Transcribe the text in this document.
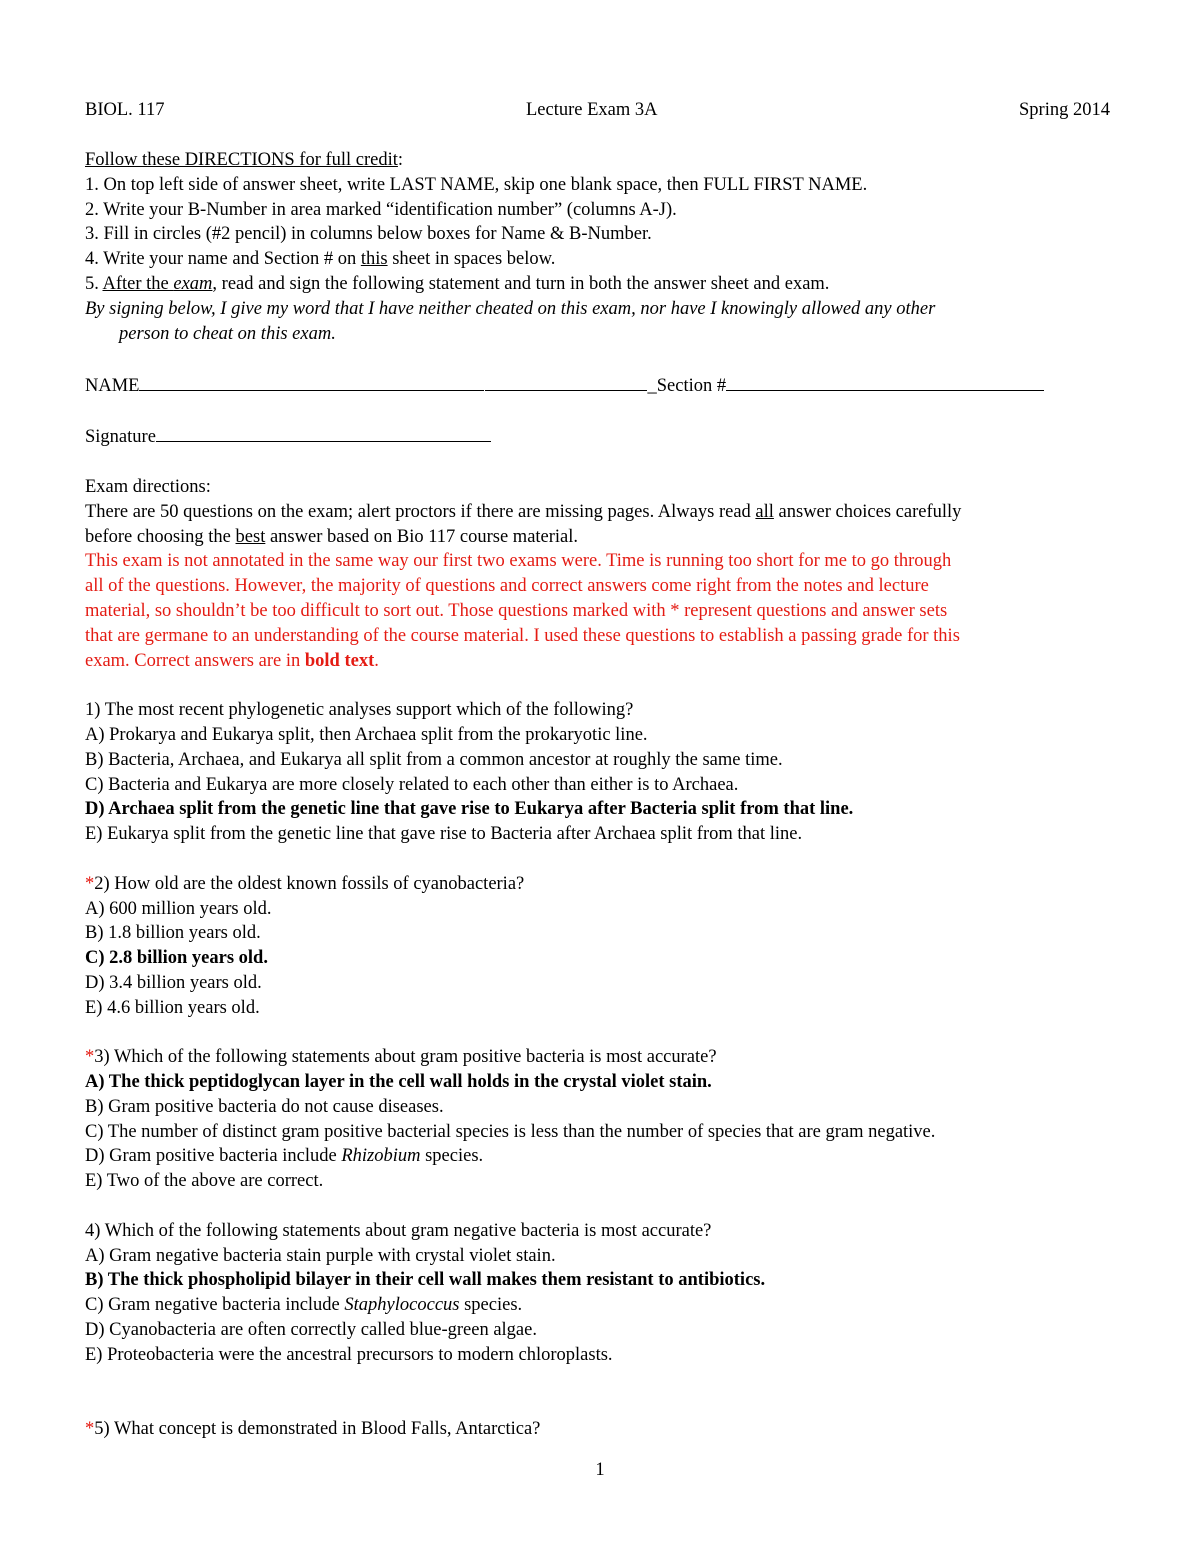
BIOL. 117	Lecture Exam 3A	Spring 2014
Follow these DIRECTIONS for full credit:
1. On top left side of answer sheet, write LAST NAME, skip one blank space, then FULL FIRST NAME.
2. Write your B-Number in area marked “identification number” (columns A-J).
3. Fill in circles (#2 pencil) in columns below boxes for Name & B-Number.
4. Write your name and Section # on this sheet in spaces below.
5. After the exam, read and sign the following statement and turn in both the answer sheet and exam.
By signing below, I give my word that I have neither cheated on this exam, nor have I knowingly allowed any other
person to cheat on this exam.
NAME	_Section #
Signature
Exam directions:
There are 50 questions on the exam; alert proctors if there are missing pages. Always read all answer choices carefully
before choosing the best answer based on Bio 117 course material.
This exam is not annotated in the same way our first two exams were. Time is running too short for me to go through
all of the questions. However, the majority of questions and correct answers come right from the notes and lecture
material, so shouldn’t be too difficult to sort out. Those questions marked with * represent questions and answer sets
that are germane to an understanding of the course material. I used these questions to establish a passing grade for this
exam. Correct answers are in bold text.
1) The most recent phylogenetic analyses support which of the following?
A) Prokarya and Eukarya split, then Archaea split from the prokaryotic line.
B) Bacteria, Archaea, and Eukarya all split from a common ancestor at roughly the same time.
C) Bacteria and Eukarya are more closely related to each other than either is to Archaea.
D) Archaea split from the genetic line that gave rise to Eukarya after Bacteria split from that line.
E) Eukarya split from the genetic line that gave rise to Bacteria after Archaea split from that line.
*2) How old are the oldest known fossils of cyanobacteria?
A) 600 million years old.
B) 1.8 billion years old.
C) 2.8 billion years old.
D) 3.4 billion years old.
E) 4.6 billion years old.
*3) Which of the following statements about gram positive bacteria is most accurate?
A) The thick peptidoglycan layer in the cell wall holds in the crystal violet stain.
B) Gram positive bacteria do not cause diseases.
C) The number of distinct gram positive bacterial species is less than the number of species that are gram negative.
D) Gram positive bacteria include Rhizobium species.
E) Two of the above are correct.
4) Which of the following statements about gram negative bacteria is most accurate?
A) Gram negative bacteria stain purple with crystal violet stain.
B) The thick phospholipid bilayer in their cell wall makes them resistant to antibiotics.
C) Gram negative bacteria include Staphylococcus species.
D) Cyanobacteria are often correctly called blue-green algae.
E) Proteobacteria were the ancestral precursors to modern chloroplasts.
*5) What concept is demonstrated in Blood Falls, Antarctica?
1
